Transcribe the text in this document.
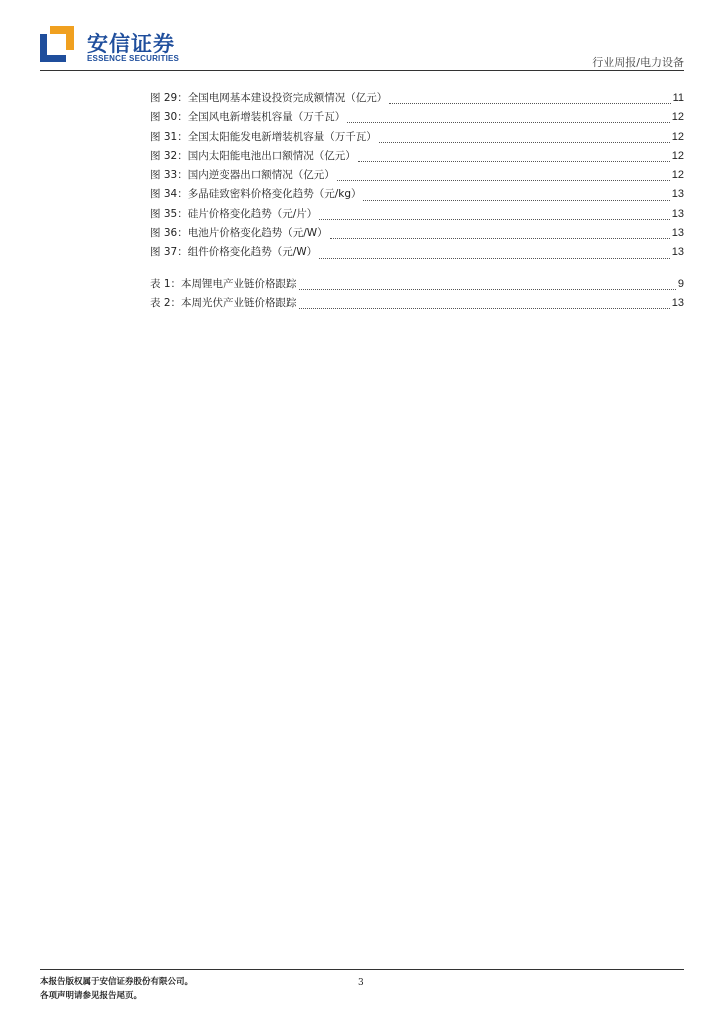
安信证券
ESSENCE SECURITIES	行业周报/电力设备
图 29：全国电网基本建设投资完成额情况（亿元）	11
图 30：全国风电新增装机容量（万千瓦）	12
图 31：全国太阳能发电新增装机容量（万千瓦）	12
图 32：国内太阳能电池出口额情况（亿元）	12
图 33：国内逆变器出口额情况（亿元）	12
图 34：多晶硅致密料价格变化趋势（元/kg）	13
图 35：硅片价格变化趋势（元/片）	13
图 36：电池片价格变化趋势（元/W）	13
图 37：组件价格变化趋势（元/W）	13
表 1：本周锂电产业链价格跟踪	9
表 2：本周光伏产业链价格跟踪	13
本报告版权属于安信证券股份有限公司。	3
各项声明请参见报告尾页。
